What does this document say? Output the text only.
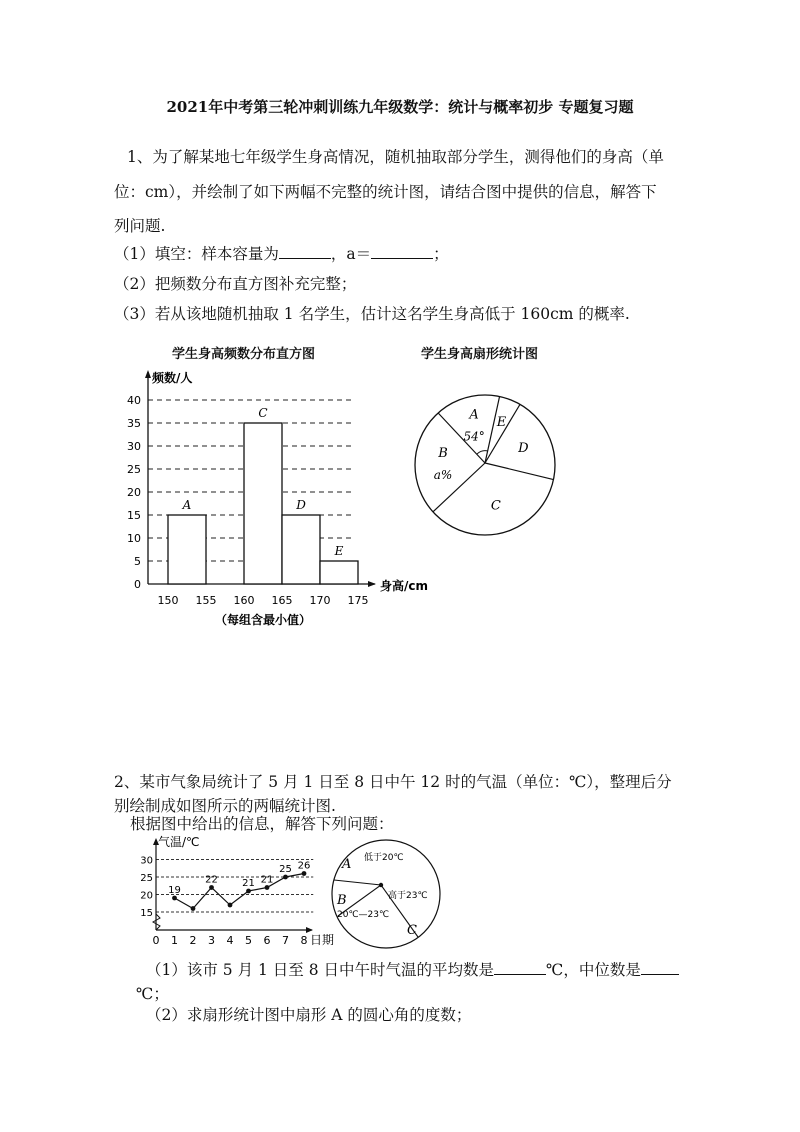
2021年中考第三轮冲刺训练九年级数学：统计与概率初步 专题复习题
1、为了解某地七年级学生身高情况，随机抽取部分学生，测得他们的身高（单
位：cm），并绘制了如下两幅不完整的统计图，请结合图中提供的信息，解答下
列问题.
（1）填空：样本容量为	，a＝	；
（2）把频数分布直方图补充完整；
（3）若从该地随机抽取 1 名学生，估计这名学生身高低于 160cm 的概率.
学生身高频数分布直方图
0
5
10
15
20
25
30
35
40
频数/人
身高/cm
A
C
D
E
150 155 160 165 170 175
（每组含最小值）
学生身高扇形统计图
A
54°
E
D
C
B
a%
2、某市气象局统计了 5 月 1 日至 8 日中午 12 时的气温（单位：℃），整理后分
别绘制成如图所示的两幅统计图.
根据图中给出的信息，解答下列问题：
15
20
25
30
气温/℃
日期
0 1 2 3 4 5 6 7 8
19
22 21 21
25 26 A 低于20℃
B
20℃—23℃
C
高于23℃
（1）该市 5 月 1 日至 8 日中午时气温的平均数是	℃，中位数是
℃；
（2）求扇形统计图中扇形 A 的圆心角的度数；
